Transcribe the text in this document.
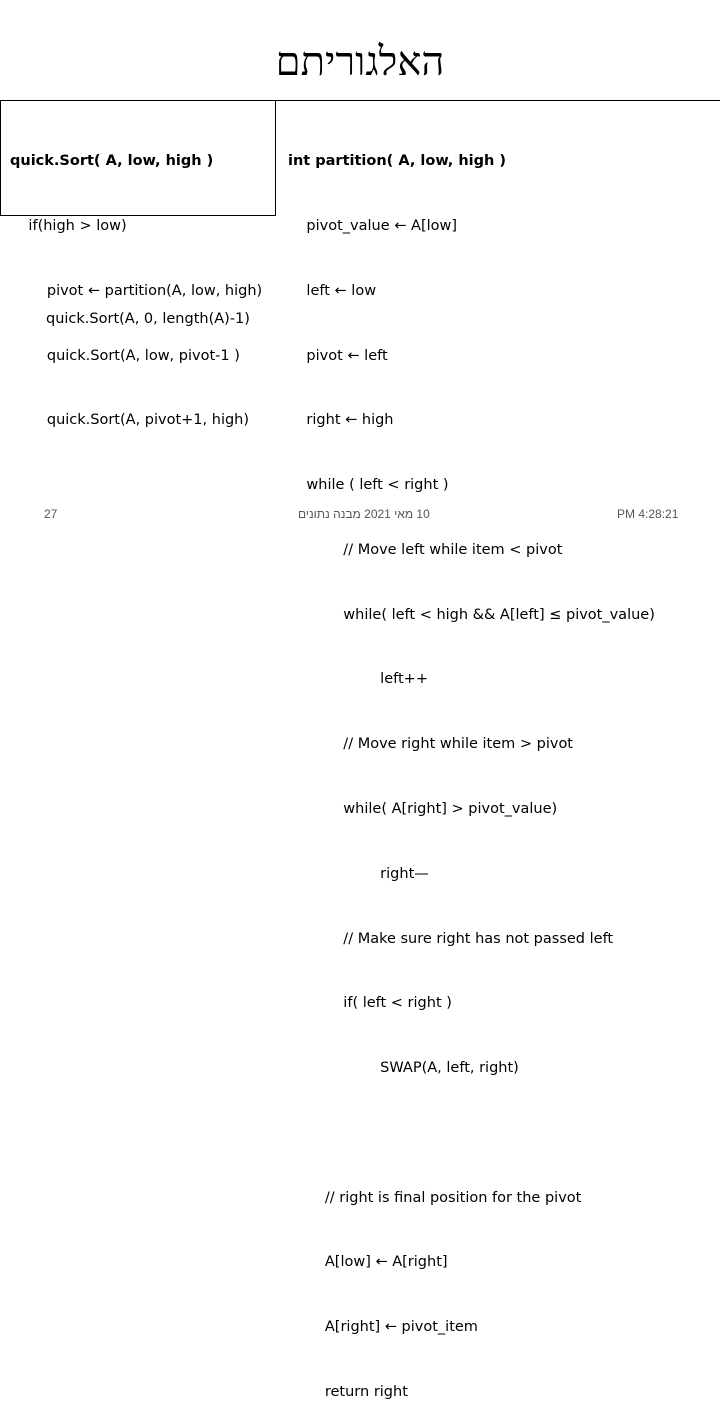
האלגוריתם

quick.Sort( A, low, high )

if(high > low)

pivot ← partition(A, low, high)

quick.Sort(A, low, pivot-1 )

quick.Sort(A, pivot+1, high)

quick.Sort(A, 0, length(A)-1)

int partition( A, low, high )

pivot_value ← A[low]

left ← low

pivot ← left

right ← high

while ( left < right )

// Move left while item < pivot

while( left < high && A[left] ≤ pivot_value)

left++

// Move right while item > pivot

while( A[right] > pivot_value)

right—

// Make sure right has not passed left

if( left < right )

SWAP(A, left, right)

// right is final position for the pivot

A[low] ← A[right]

A[right] ← pivot_item

return right

27	10 מאי 2021 מבנה נתונים	PM 4:28:21
